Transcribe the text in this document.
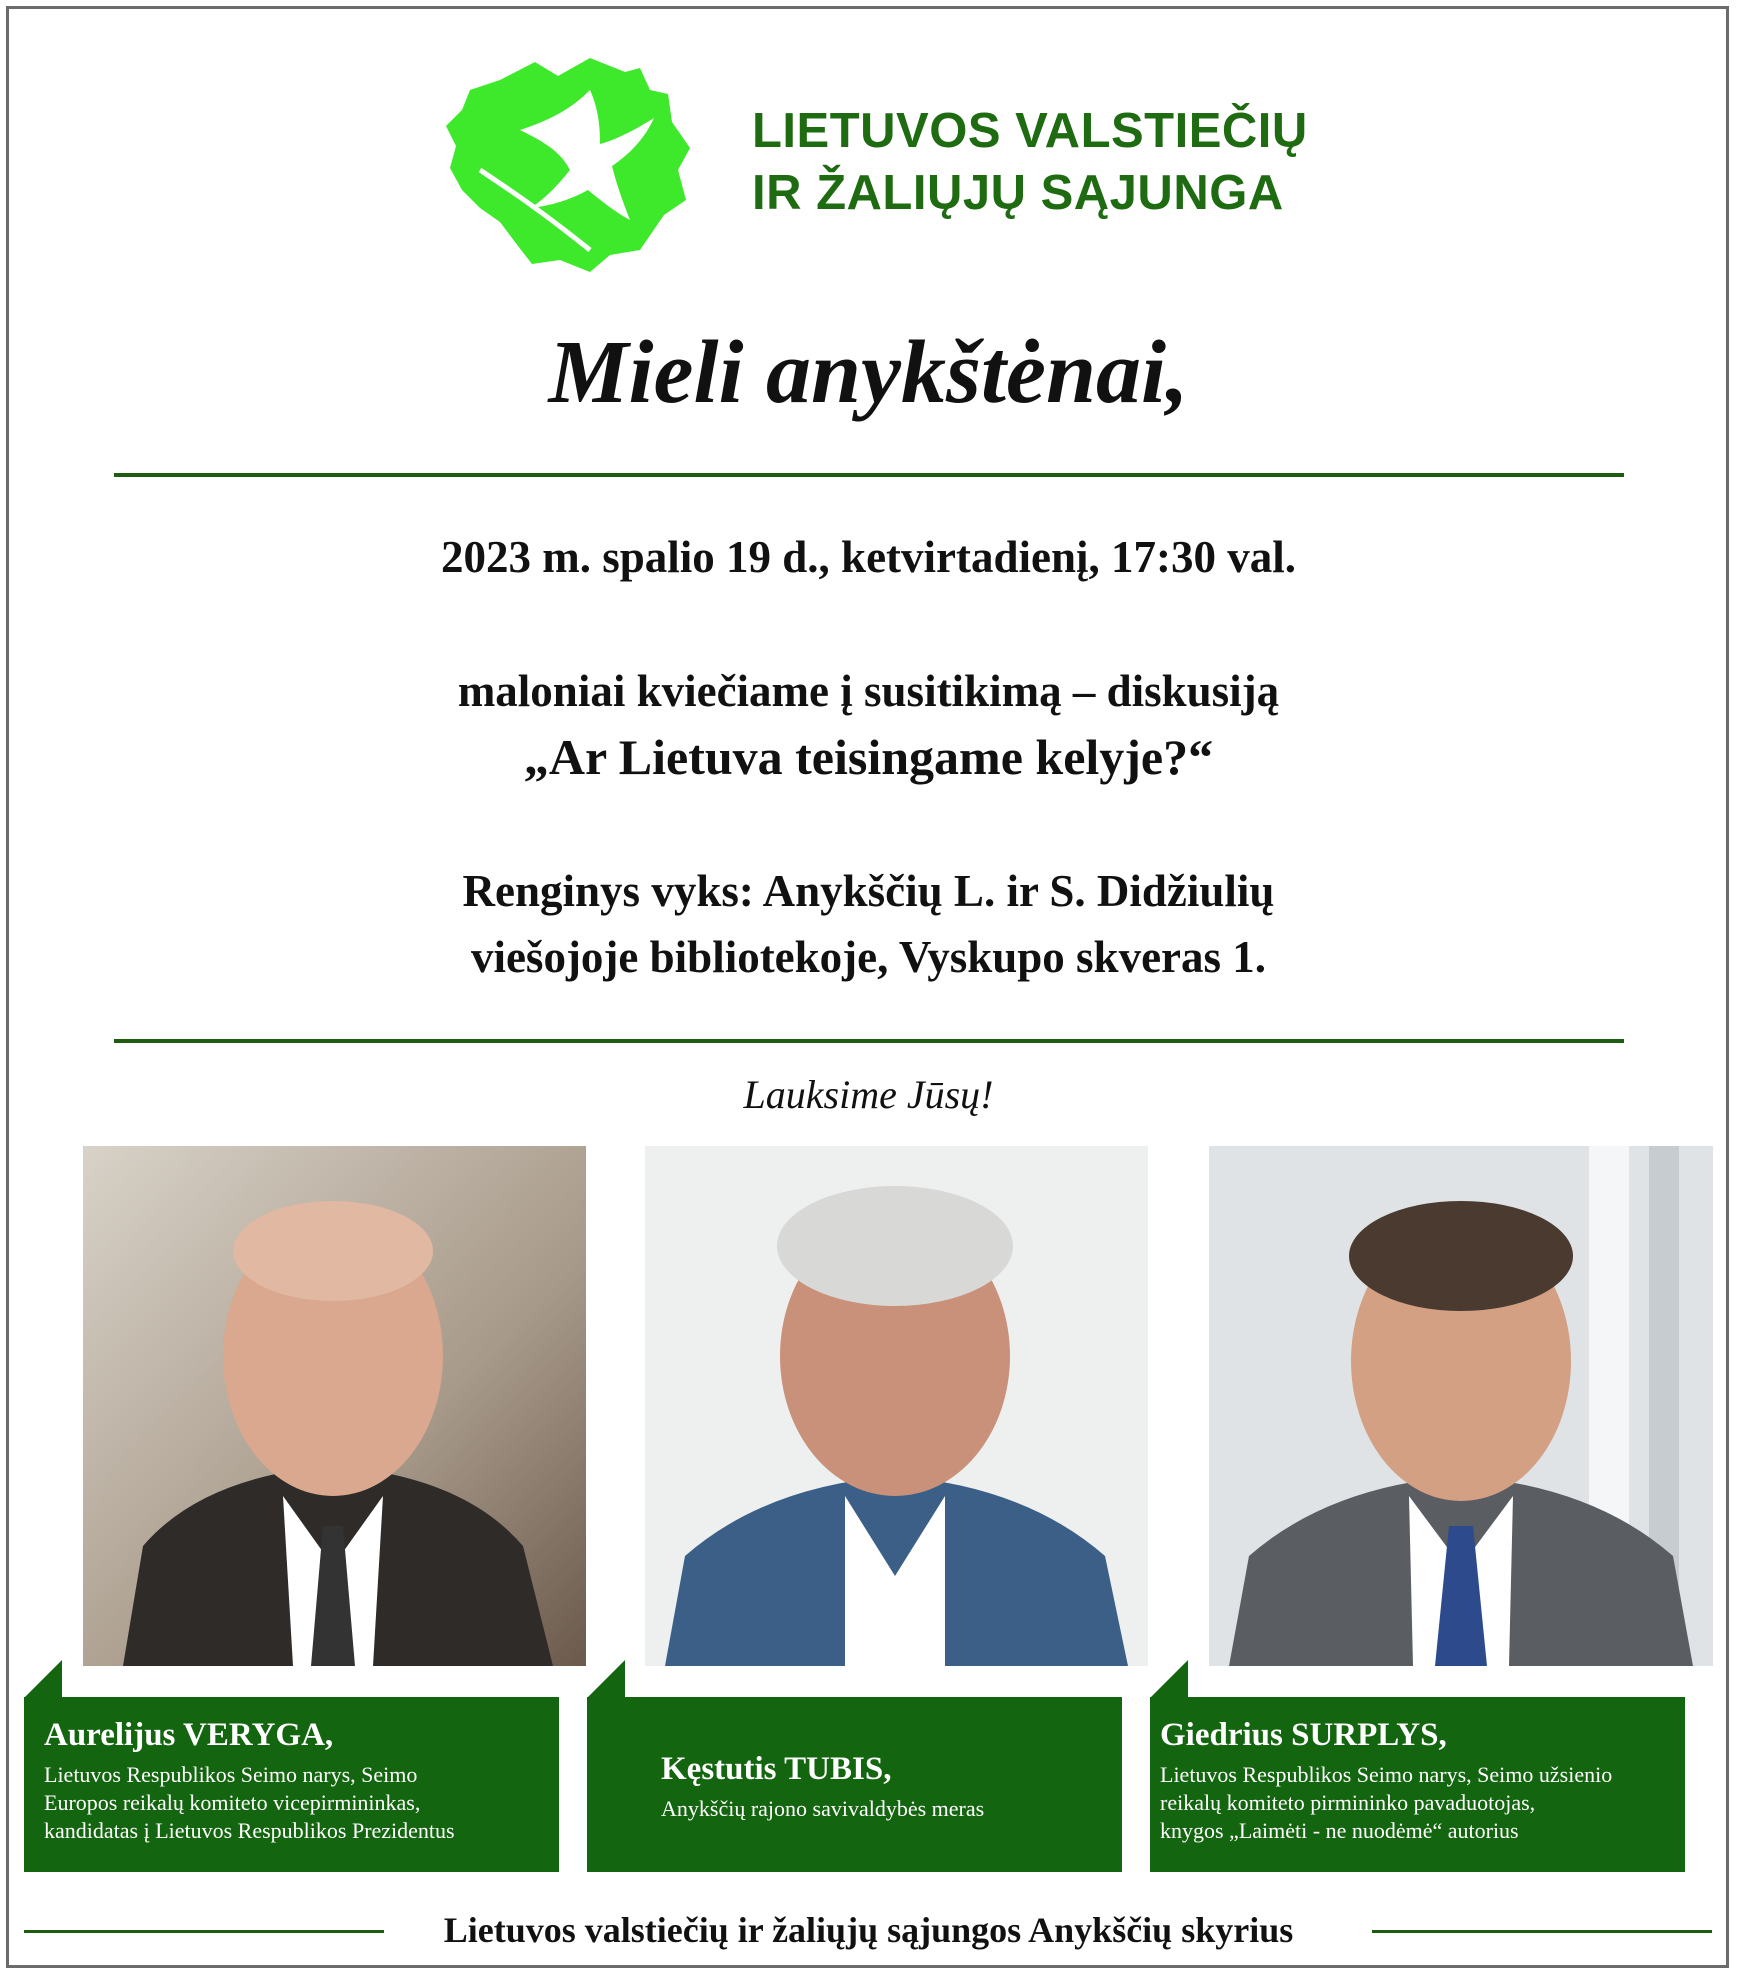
LIETUVOS VALSTIEČIŲ
IR ŽALIŲJŲ SĄJUNGA
Mieli anykštėnai,
2023 m. spalio 19 d., ketvirtadienį, 17:30 val.
maloniai kviečiame į susitikimą – diskusiją
„Ar Lietuva teisingame kelyje?“
Renginys vyks: Anykščių L. ir S. Didžiulių
viešojoje bibliotekoje, Vyskupo skveras 1.
Lauksime Jūsų!
Aurelijus VERYGA,
Lietuvos Respublikos Seimo narys, Seimo
Europos reikalų komiteto vicepirmininkas,
kandidatas į Lietuvos Respublikos Prezidentus
Kęstutis TUBIS,
Anykščių rajono savivaldybės meras
Giedrius SURPLYS,
Lietuvos Respublikos Seimo narys, Seimo užsienio
reikalų komiteto pirmininko pavaduotojas,
knygos „Laimėti - ne nuodėmė“ autorius
Lietuvos valstiečių ir žaliųjų sąjungos Anykščių skyrius
